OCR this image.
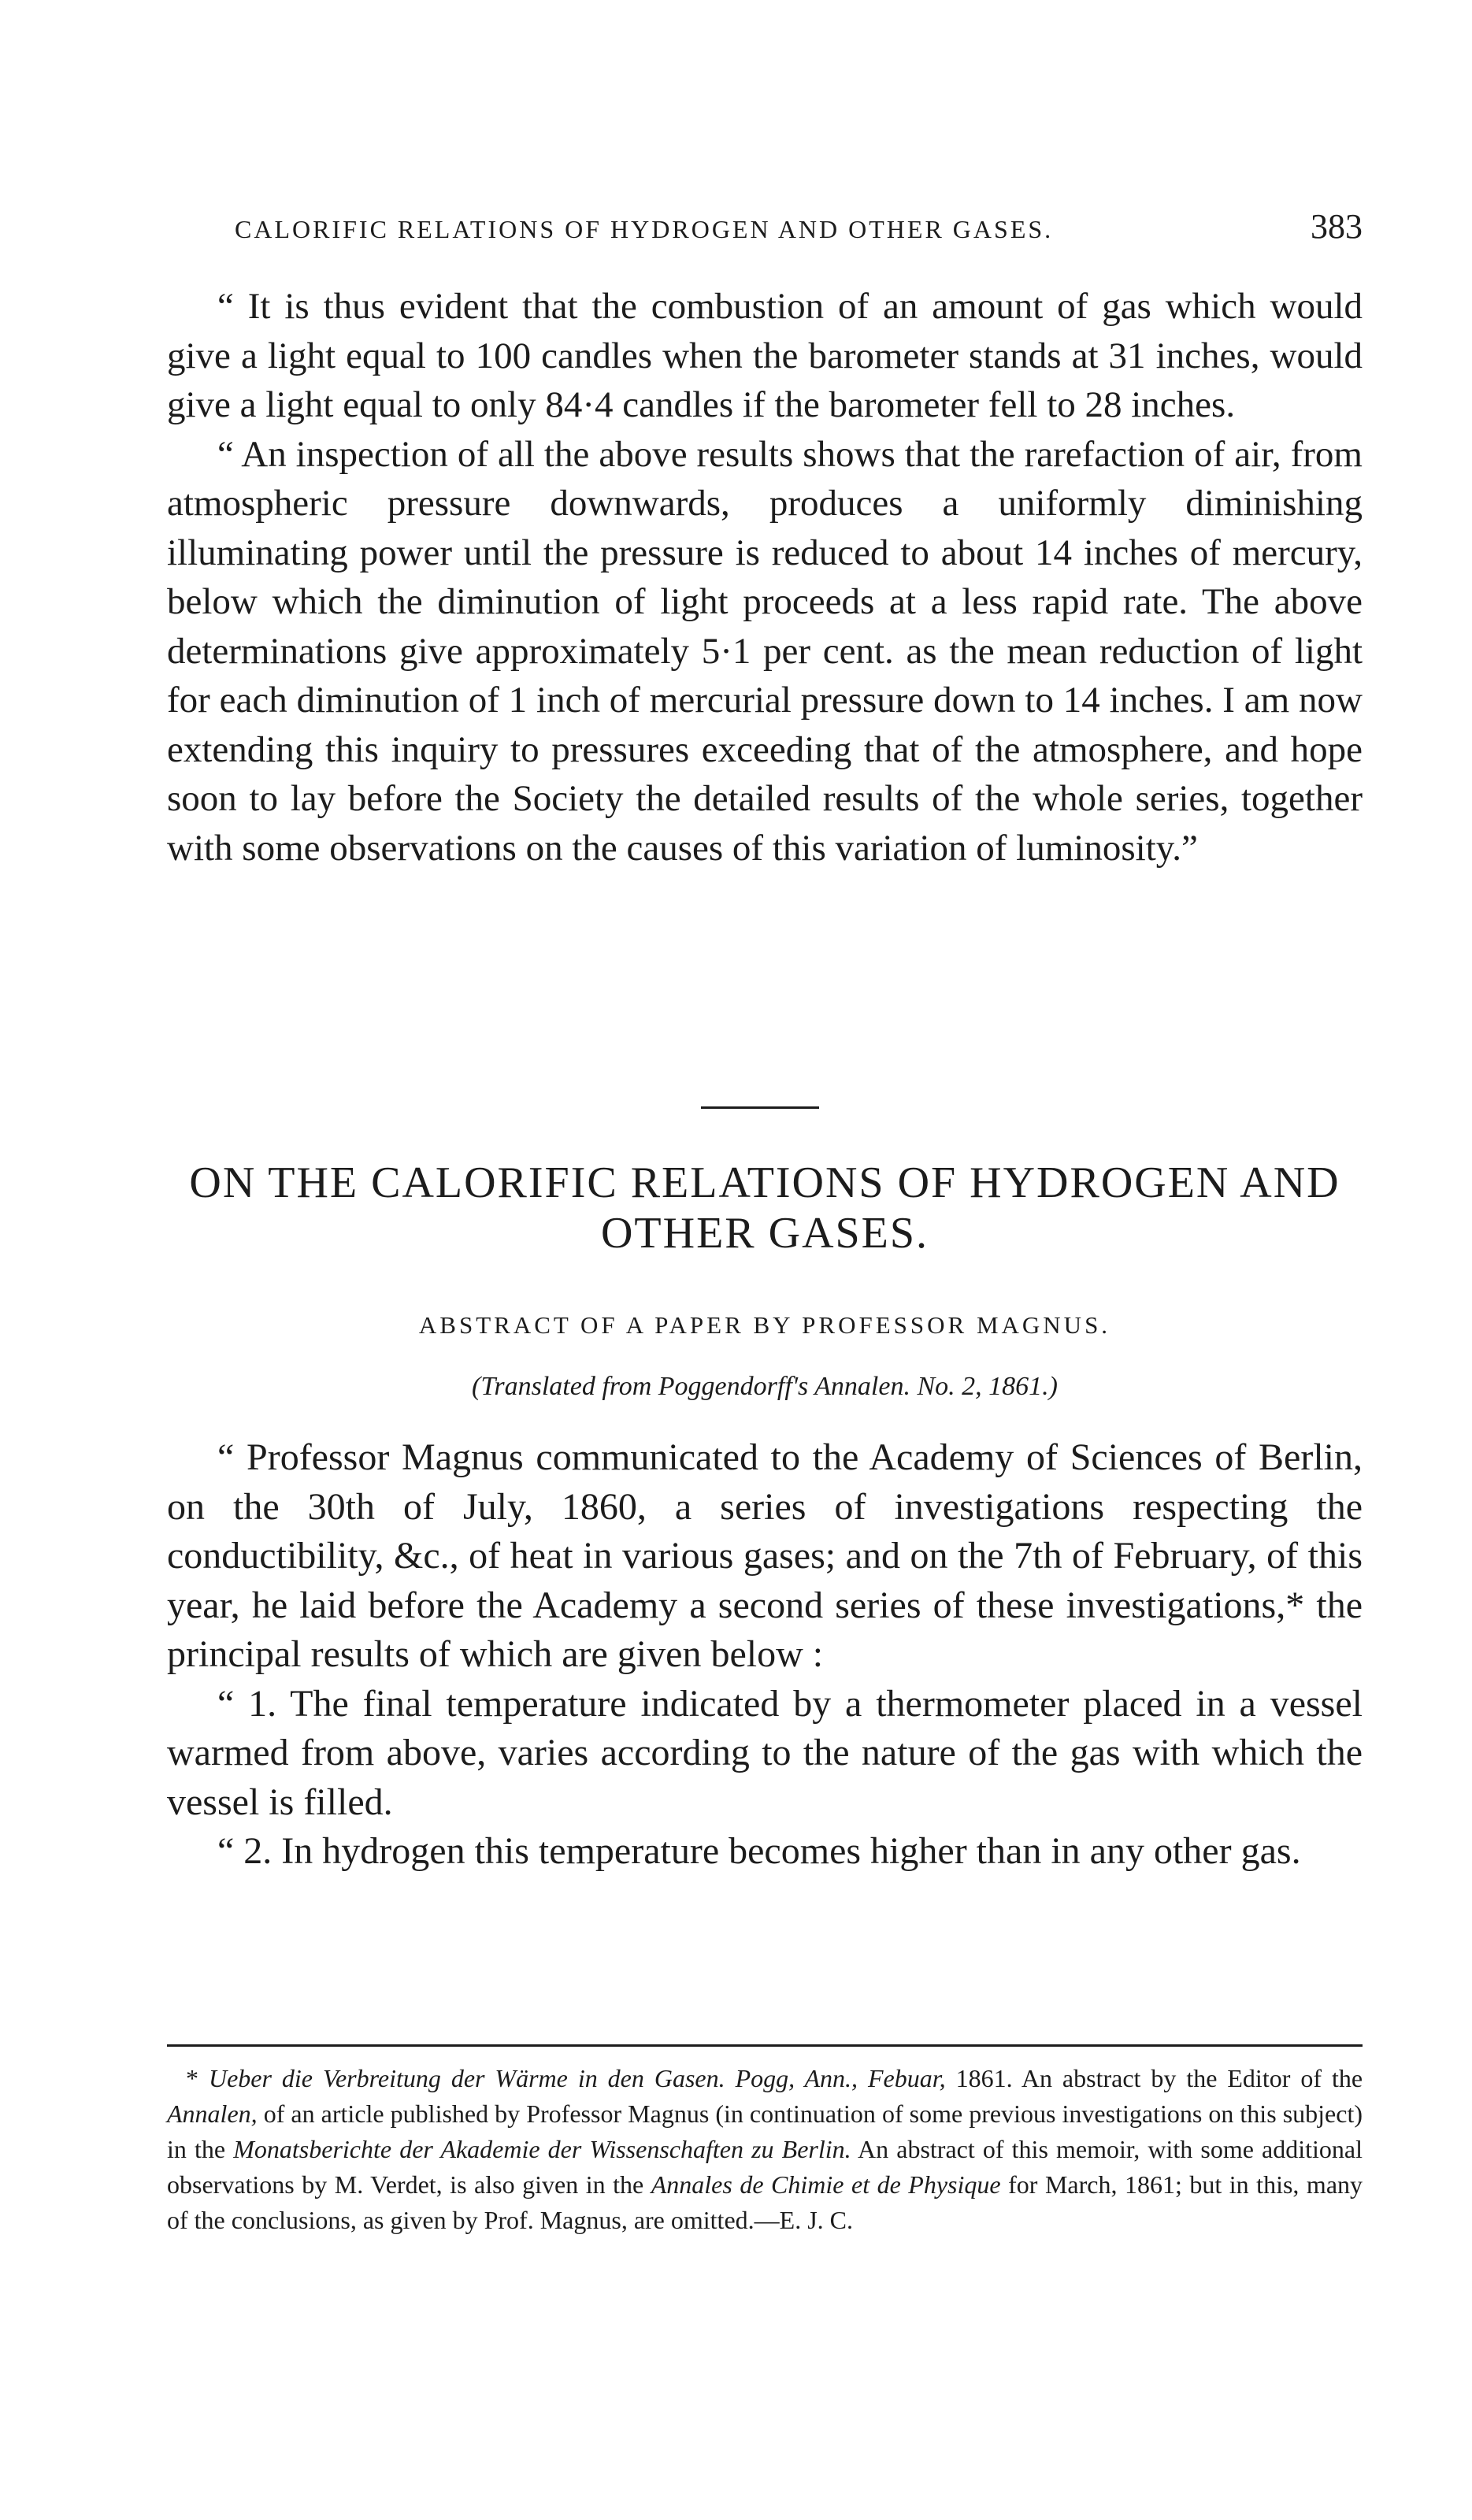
CALORIFIC RELATIONS OF HYDROGEN AND OTHER GASES.	383

“ It is thus evident that the combustion of an amount of gas which would give a light equal to 100 candles when the barometer stands at 31 inches, would give a light equal to only 84·4 candles if the barometer fell to 28 inches.

“ An inspection of all the above results shows that the rarefaction of air, from atmospheric pressure downwards, produces a uniformly diminishing illuminating power until the pressure is reduced to about 14 inches of mercury, below which the diminution of light proceeds at a less rapid rate. The above determinations give approximately 5·1 per cent. as the mean reduction of light for each diminution of 1 inch of mercurial pressure down to 14 inches. I am now extending this inquiry to pressures exceeding that of the atmosphere, and hope soon to lay before the Society the detailed results of the whole series, together with some observations on the causes of this variation of luminosity.”

ON THE CALORIFIC RELATIONS OF HYDROGEN AND OTHER GASES.
ABSTRACT OF A PAPER BY PROFESSOR MAGNUS.
(Translated from Poggendorff's Annalen. No. 2, 1861.)

“ Professor Magnus communicated to the Academy of Sciences of Berlin, on the 30th of July, 1860, a series of investigations respecting the conductibility, &c., of heat in various gases; and on the 7th of February, of this year, he laid before the Academy a second series of these investigations,* the principal results of which are given below :

“ 1. The final temperature indicated by a thermometer placed in a vessel warmed from above, varies according to the nature of the gas with which the vessel is filled.

“ 2. In hydrogen this temperature becomes higher than in any other gas.

* Ueber die Verbreitung der Wärme in den Gasen. Pogg, Ann., Febuar, 1861. An abstract by the Editor of the Annalen, of an article published by Professor Magnus (in continuation of some previous investigations on this subject) in the Monatsberichte der Akademie der Wissenschaften zu Berlin. An abstract of this memoir, with some additional observations by M. Verdet, is also given in the Annales de Chimie et de Physique for March, 1861; but in this, many of the conclusions, as given by Prof. Magnus, are omitted.—E. J. C.
